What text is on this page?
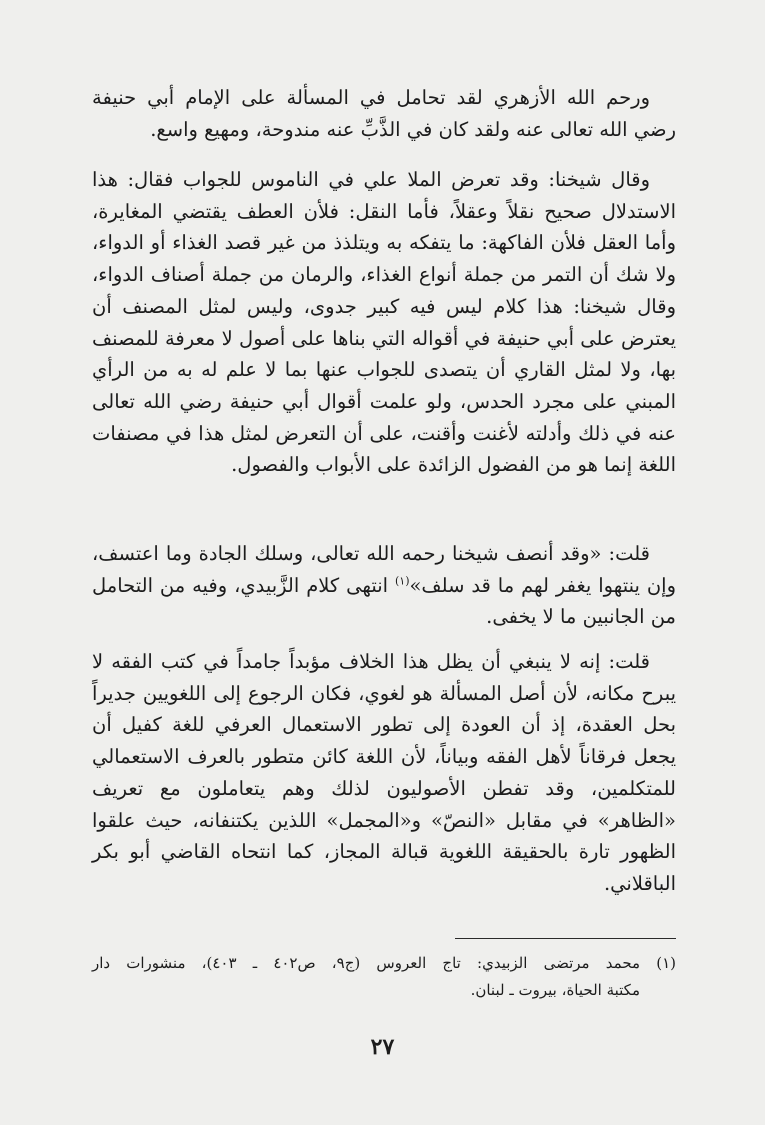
ورحم الله الأزهري لقد تحامل في المسألة على الإمام أبي حنيفة رضي الله تعالى عنه ولقد كان في الذَّبِّ عنه مندوحة، ومهيع واسع.

وقال شيخنا: وقد تعرض الملا علي في الناموس للجواب فقال: هذا الاستدلال صحيح نقلاً وعقلاً، فأما النقل: فلأن العطف يقتضي المغايرة، وأما العقل فلأن الفاكهة: ما يتفكه به ويتلذذ من غير قصد الغذاء أو الدواء، ولا شك أن التمر من جملة أنواع الغذاء، والرمان من جملة أصناف الدواء، وقال شيخنا: هذا كلام ليس فيه كبير جدوى، وليس لمثل المصنف أن يعترض على أبي حنيفة في أقواله التي بناها على أصول لا معرفة للمصنف بها، ولا لمثل القاري أن يتصدى للجواب عنها بما لا علم له به من الرأي المبني على مجرد الحدس، ولو علمت أقوال أبي حنيفة رضي الله تعالى عنه في ذلك وأدلته لأغنت وأقنت، على أن التعرض لمثل هذا في مصنفات اللغة إنما هو من الفضول الزائدة على الأبواب والفصول.

قلت: «وقد أنصف شيخنا رحمه الله تعالى، وسلك الجادة وما اعتسف، وإن ينتهوا يغفر لهم ما قد سلف»$^{(١)}$ انتهى كلام الزَّبيدي، وفيه من التحامل من الجانبين ما لا يخفى.

قلت: إنه لا ينبغي أن يظل هذا الخلاف مؤبداً جامداً في كتب الفقه لا يبرح مكانه، لأن أصل المسألة هو لغوي، فكان الرجوع إلى اللغويين جديراً بحل العقدة، إذ أن العودة إلى تطور الاستعمال العرفي للغة كفيل أن يجعل فرقاناً لأهل الفقه وبياناً، لأن اللغة كائن متطور بالعرف الاستعمالي للمتكلمين، وقد تفطن الأصوليون لذلك وهم يتعاملون مع تعريف «الظاهر» في مقابل «النصّ» و«المجمل» اللذين يكتنفانه، حيث علقوا الظهور تارة بالحقيقة اللغوية قبالة المجاز، كما انتحاه القاضي أبو بكر الباقلاني.

(١) محمد مرتضى الزبيدي: تاج العروس (ج٩، ص٤٠٢ ـ ٤٠٣)، منشورات دار
مكتبة الحياة، بيروت ـ لبنان.
٢٧
